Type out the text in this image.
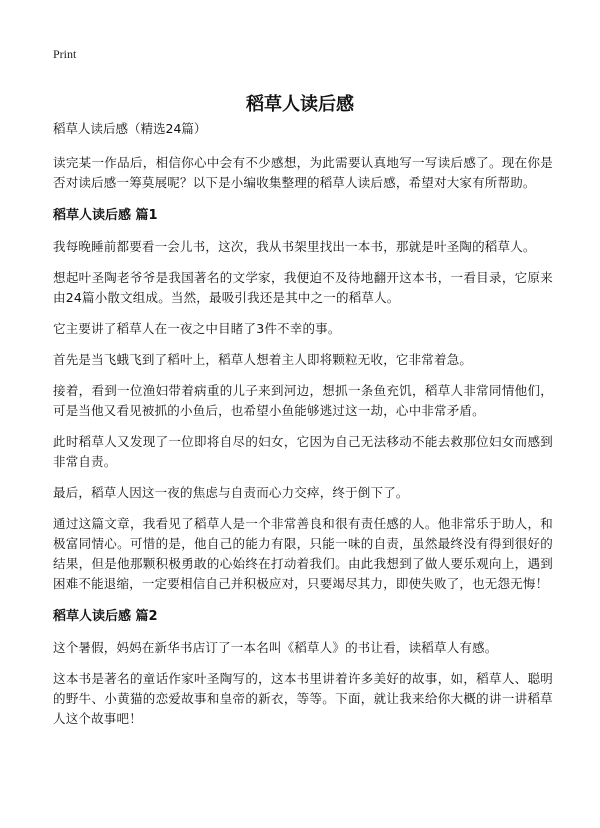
Print
稻草人读后感
稻草人读后感（精选24篇）

读完某一作品后，相信你心中会有不少感想，为此需要认真地写一写读后感了。现在你是否对读后感一筹莫展呢？以下是小编收集整理的稻草人读后感，希望对大家有所帮助。

稻草人读后感 篇1

我每晚睡前都要看一会儿书，这次，我从书架里找出一本书，那就是叶圣陶的稻草人。

想起叶圣陶老爷爷是我国著名的文学家，我便迫不及待地翻开这本书，一看目录，它原来由24篇小散文组成。当然，最吸引我还是其中之一的稻草人。

它主要讲了稻草人在一夜之中目睹了3件不幸的事。

首先是当飞蛾飞到了稻叶上，稻草人想着主人即将颗粒无收，它非常着急。

接着，看到一位渔妇带着病重的儿子来到河边，想抓一条鱼充饥，稻草人非常同情他们，可是当他又看见被抓的小鱼后，也希望小鱼能够逃过这一劫，心中非常矛盾。

此时稻草人又发现了一位即将自尽的妇女，它因为自己无法移动不能去救那位妇女而感到非常自责。

最后，稻草人因这一夜的焦虑与自责而心力交瘁，终于倒下了。

通过这篇文章，我看见了稻草人是一个非常善良和很有责任感的人。他非常乐于助人，和极富同情心。可惜的是，他自己的能力有限，只能一味的自责，虽然最终没有得到很好的结果，但是他那颗积极勇敢的心始终在打动着我们。由此我想到了做人要乐观向上，遇到困难不能退缩，一定要相信自己并积极应对，只要竭尽其力，即使失败了，也无怨无悔！

稻草人读后感 篇2

这个暑假，妈妈在新华书店订了一本名叫《稻草人》的书让看，读稻草人有感。

这本书是著名的童话作家叶圣陶写的，这本书里讲着许多美好的故事，如，稻草人、聪明的野牛、小黄猫的恋爱故事和皇帝的新衣，等等。下面，就让我来给你大概的讲一讲稻草人这个故事吧！
